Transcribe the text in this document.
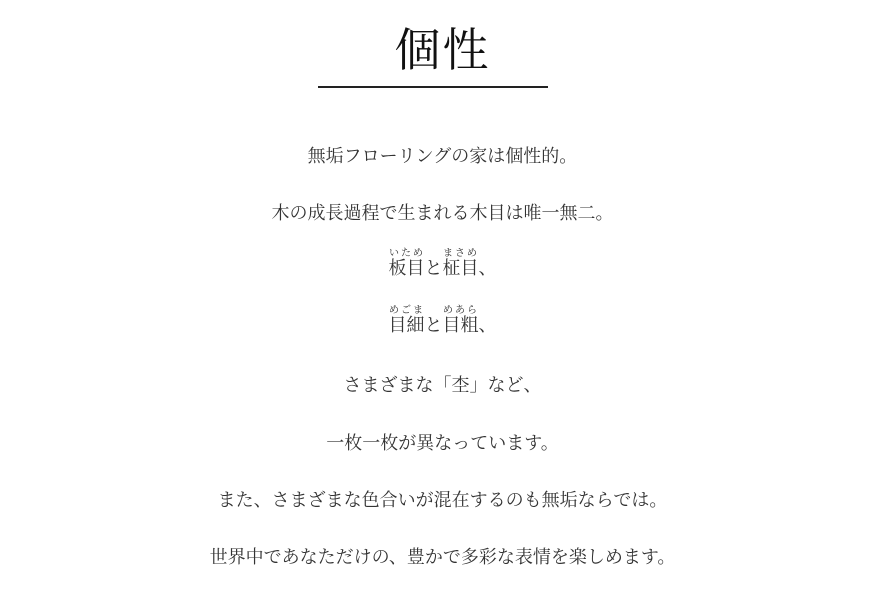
個性
無垢フローリングの家は個性的。
木の成長過程で生まれる木目は唯一無二。
板目いためと柾目まさめ、
目細めごまと目粗めあら、
さまざまな「杢」など、
一枚一枚が異なっています。
また、さまざまな色合いが混在するのも無垢ならでは。
世界中であなただけの、豊かで多彩な表情を楽しめます。
